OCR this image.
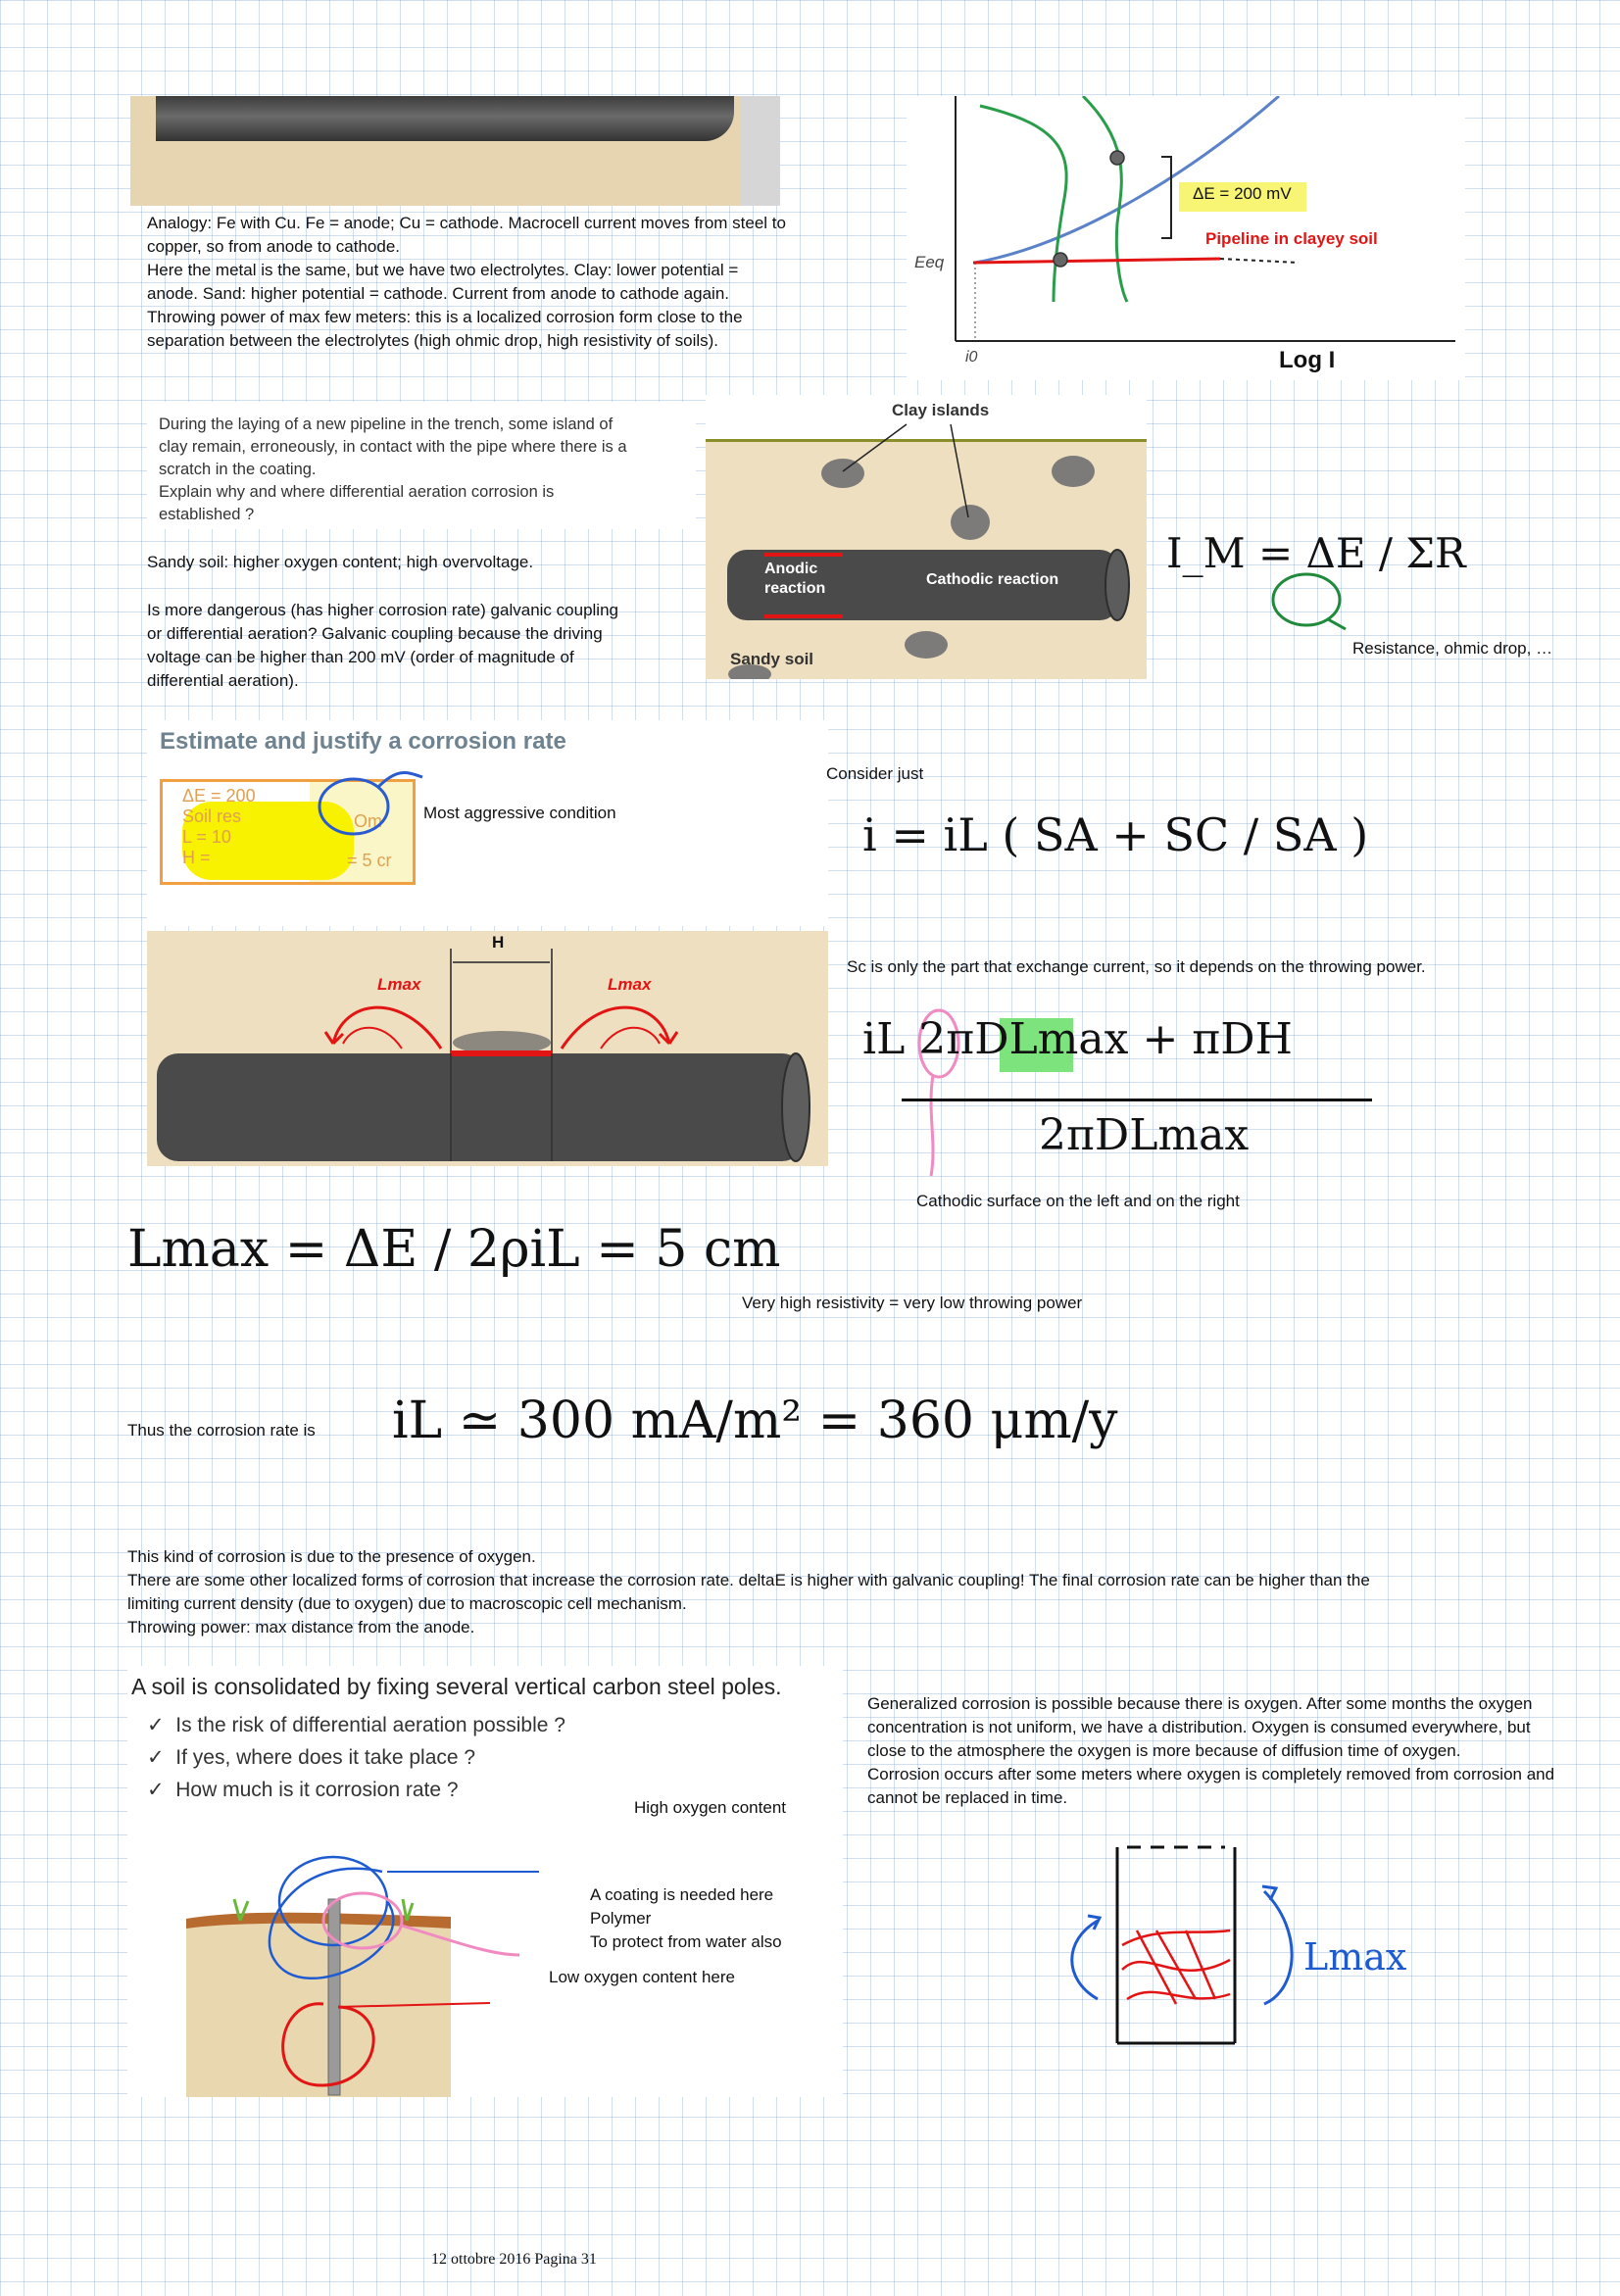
Analogy: Fe with Cu. Fe = anode; Cu = cathode. Macrocell current moves from steel to

copper, so from anode to cathode.

Here the metal is the same, but we have two electrolytes. Clay: lower potential =

anode. Sand: higher potential = cathode. Current from anode to cathode again.

Throwing power of max few meters: this is a localized corrosion form close to the

separation between the electrolytes (high ohmic drop, high resistivity of soils).

ΔE = 200 mV
Pipeline in clayey soil
Eeq
i0	Log I
During the laying of a new pipeline in the trench, some island of
clay remain, erroneously, in contact with the pipe where there is a
scratch in the coating.
Explain why and where differential aeration corrosion is
established ?
Clay islands
Anodic reaction
Cathodic reaction
Sandy soil
Sandy soil: higher oxygen content; high overvoltage.

Is more dangerous (has higher corrosion rate) galvanic coupling

or differential aeration? Galvanic coupling because the driving

voltage can be higher than 200 mV (order of magnitude of

differential aeration).

I_M = ΔE / ΣR
Resistance, ohmic drop, …
Estimate and justify a corrosion rate
ΔE = 200
Soil res
L = 10
H =
Om
= 5 cr
Most aggressive condition
Consider just
i = iL ( SA + SC / SA )
H
Lmax	Lmax
Sc is only the part that exchange current, so it depends on the throwing power.
iL 2πDLmax + πDH
2πDLmax
Cathodic surface on the left and on the right
Lmax = ΔE / 2ρiL = 5 cm
Very high resistivity = very low throwing power
Thus the corrosion rate is iL ≃ 300 mA/m² = 360 μm/y

This kind of corrosion is due to the presence of oxygen.

There are some other localized forms of corrosion that increase the corrosion rate. deltaE is higher with galvanic coupling! The final corrosion rate can be higher than the

limiting current density (due to oxygen) due to macroscopic cell mechanism.

Throwing power: max distance from the anode.

A soil is consolidated by fixing several vertical carbon steel poles.
✓  Is the risk of differential aeration possible ?
✓  If yes, where does it take place ?
✓  How much is it corrosion rate ?
High oxygen content
A coating is needed here
Polymer
To protect from water also
Low oxygen content here

Generalized corrosion is possible because there is oxygen. After some months the oxygen

concentration is not uniform, we have a distribution. Oxygen is consumed everywhere, but

close to the atmosphere the oxygen is more because of diffusion time of oxygen.

Corrosion occurs after some meters where oxygen is completely removed from corrosion and

cannot be replaced in time.

Lmax
12 ottobre 2016 Pagina 31
